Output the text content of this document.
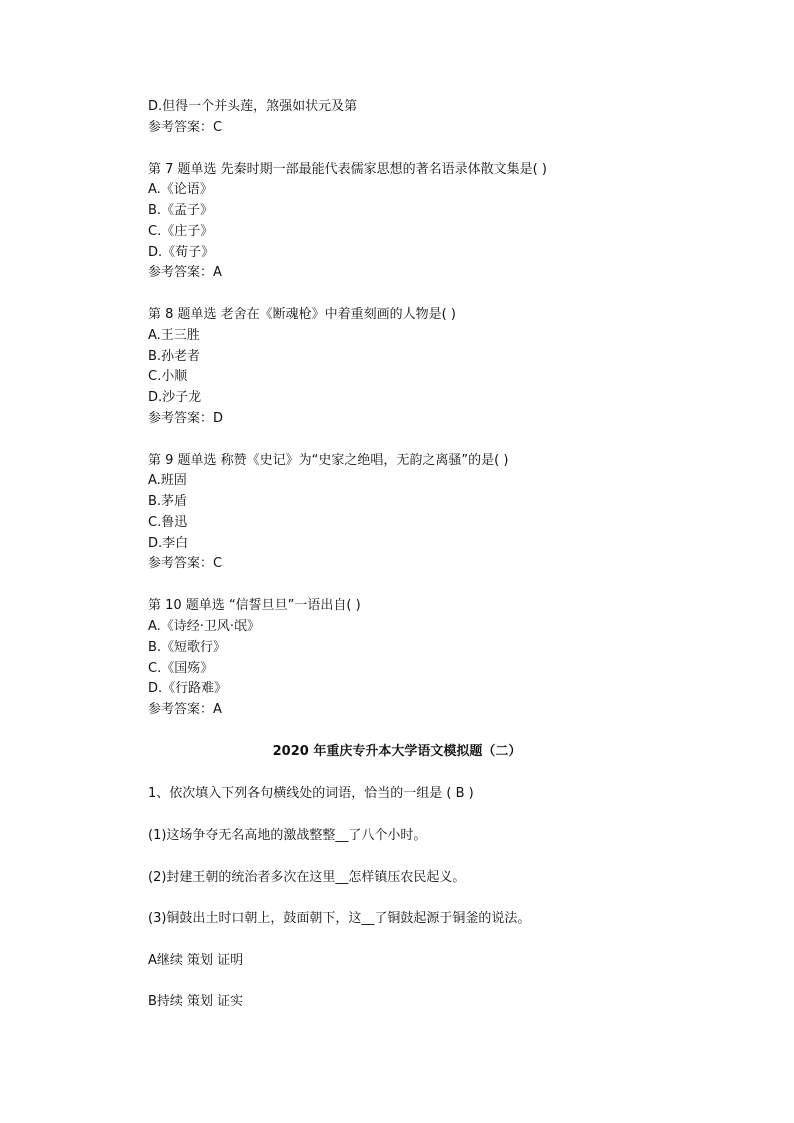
D.但得一个并头莲，煞强如状元及第
参考答案：C
第 7 题单选 先秦时期一部最能代表儒家思想的著名语录体散文集是( )
A.《论语》
B.《孟子》
C.《庄子》
D.《荀子》
参考答案：A
第 8 题单选 老舍在《断魂枪》中着重刻画的人物是( )
A.王三胜
B.孙老者
C.小顺
D.沙子龙
参考答案：D
第 9 题单选 称赞《史记》为“史家之绝唱，无韵之离骚”的是( )
A.班固
B.茅盾
C.鲁迅
D.李白
参考答案：C
第 10 题单选 “信誓旦旦”一语出自( )
A.《诗经·卫风·氓》
B.《短歌行》
C.《国殇》
D.《行路难》
参考答案：A
2020 年重庆专升本大学语文模拟题（二）
1、依次填入下列各句横线处的词语，恰当的一组是 ( B )
(1)这场争夺无名高地的激战整整__了八个小时。
(2)封建王朝的统治者多次在这里__怎样镇压农民起义。
(3)铜鼓出土时口朝上，鼓面朝下，这__了铜鼓起源于铜釜的说法。
A继续 策划 证明
B持续 策划 证实
